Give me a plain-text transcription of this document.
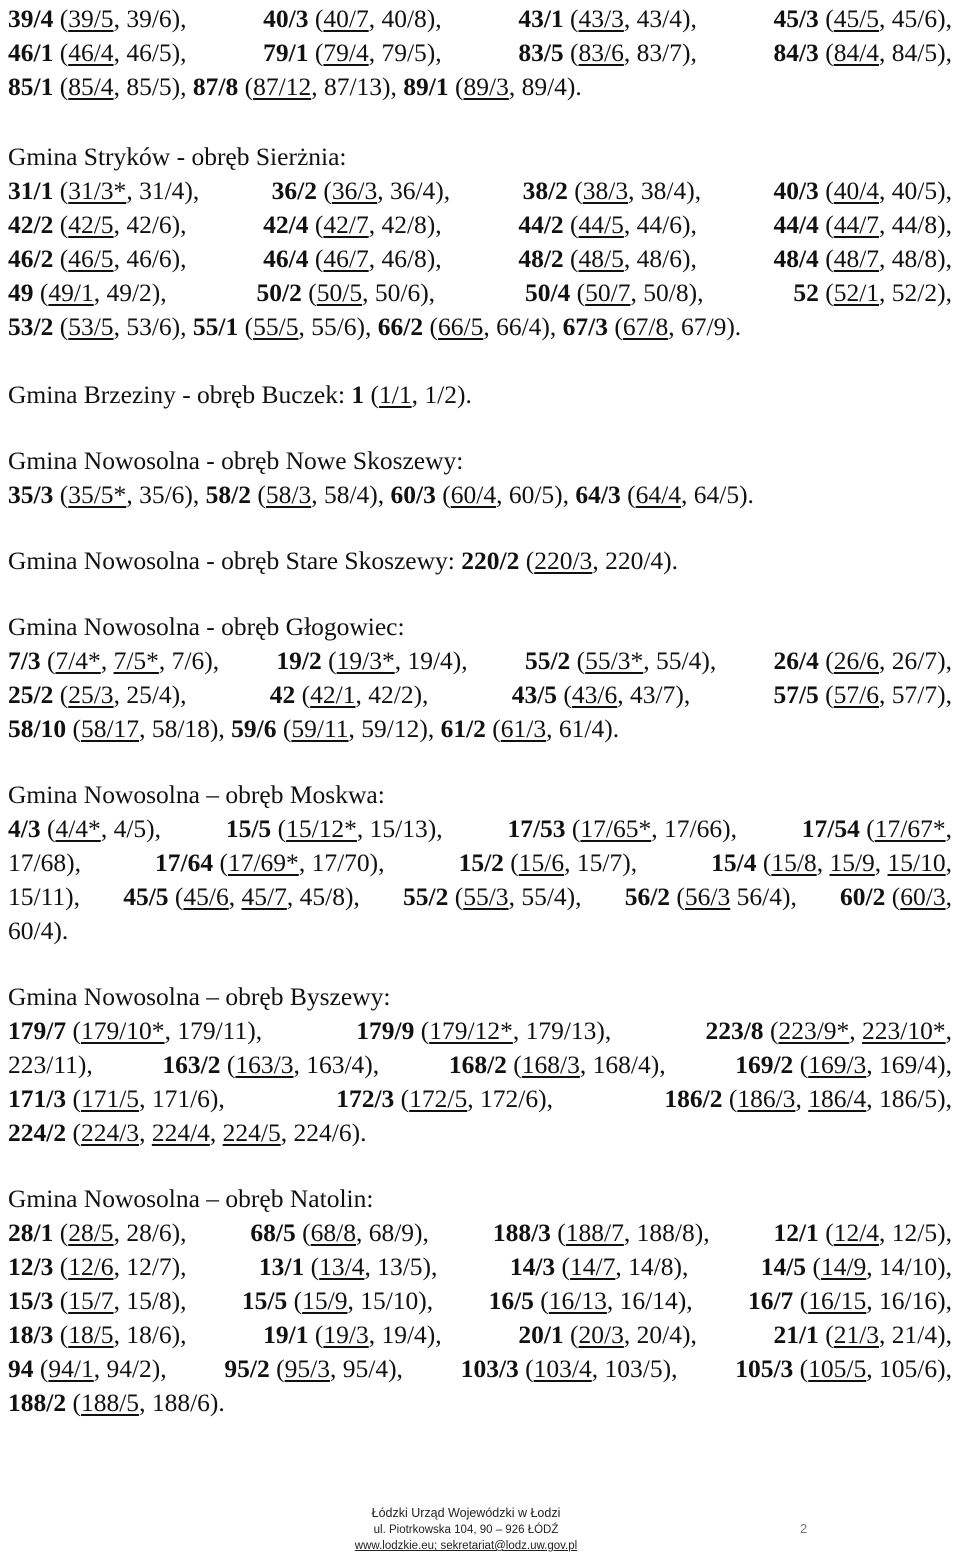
39/4 (39/5, 39/6),	40/3 (40/7, 40/8),	43/1 (43/3, 43/4),	45/3 (45/5, 45/6),
46/1 (46/4, 46/5),	79/1 (79/4, 79/5),	83/5 (83/6, 83/7),	84/3 (84/4, 84/5),
85/1 (85/4, 85/5), 87/8 (87/12, 87/13), 89/1 (89/3, 89/4).
Gmina Stryków - obręb Sierżnia:
31/1 (31/3*, 31/4),	36/2 (36/3, 36/4),	38/2 (38/3, 38/4),	40/3 (40/4, 40/5),
42/2 (42/5, 42/6),	42/4 (42/7, 42/8),	44/2 (44/5, 44/6),	44/4 (44/7, 44/8),
46/2 (46/5, 46/6),	46/4 (46/7, 46/8),	48/2 (48/5, 48/6),	48/4 (48/7, 48/8),
49 (49/1, 49/2),	50/2 (50/5, 50/6),	50/4 (50/7, 50/8),	52 (52/1, 52/2),
53/2 (53/5, 53/6), 55/1 (55/5, 55/6), 66/2 (66/5, 66/4), 67/3 (67/8, 67/9).
Gmina Brzeziny - obręb Buczek: 1 (1/1, 1/2).
Gmina Nowosolna - obręb Nowe Skoszewy:
35/3 (35/5*, 35/6), 58/2 (58/3, 58/4), 60/3 (60/4, 60/5), 64/3 (64/4, 64/5).
Gmina Nowosolna - obręb Stare Skoszewy: 220/2 (220/3, 220/4).
Gmina Nowosolna - obręb Głogowiec:
7/3 (7/4*, 7/5*, 7/6), 19/2 (19/3*, 19/4), 55/2 (55/3*, 55/4), 26/4 (26/6, 26/7),
25/2 (25/3, 25/4),	42 (42/1, 42/2),	43/5 (43/6, 43/7),	57/5 (57/6, 57/7),
58/10 (58/17, 58/18), 59/6 (59/11, 59/12), 61/2 (61/3, 61/4).
Gmina Nowosolna – obręb Moskwa:
4/3 (4/4*, 4/5),	15/5 (15/12*, 15/13),	17/53 (17/65*, 17/66),	17/54 (17/67*,
17/68),	17/64 (17/69*, 17/70),	15/2 (15/6, 15/7),	15/4 (15/8, 15/9, 15/10,
15/11), 45/5 (45/6, 45/7, 45/8), 55/2 (55/3, 55/4), 56/2 (56/3 56/4), 60/2 (60/3,
60/4).
Gmina Nowosolna – obręb Byszewy:
179/7 (179/10*, 179/11),	179/9 (179/12*, 179/13),	223/8 (223/9*, 223/10*,
223/11),	163/2 (163/3, 163/4),	168/2 (168/3, 168/4),	169/2 (169/3, 169/4),
171/3 (171/5, 171/6),	172/3 (172/5, 172/6),	186/2 (186/3, 186/4, 186/5),
224/2 (224/3, 224/4, 224/5, 224/6).
Gmina Nowosolna – obręb Natolin:
28/1 (28/5, 28/6),	68/5 (68/8, 68/9),	188/3 (188/7, 188/8),	12/1 (12/4, 12/5),
12/3 (12/6, 12/7),	13/1 (13/4, 13/5),	14/3 (14/7, 14/8),	14/5 (14/9, 14/10),
15/3 (15/7, 15/8), 15/5 (15/9, 15/10), 16/5 (16/13, 16/14), 16/7 (16/15, 16/16),
18/3 (18/5, 18/6),	19/1 (19/3, 19/4),	20/1 (20/3, 20/4),	21/1 (21/3, 21/4),
94 (94/1, 94/2), 95/2 (95/3, 95/4), 103/3 (103/4, 103/5), 105/3 (105/5, 105/6),
188/2 (188/5, 188/6).
Łódzki Urząd Wojewódzki w Łodzi
ul. Piotrkowska 104, 90 – 926 ŁÓDŹ
www.lodzkie.eu; sekretariat@lodz.uw.gov.pl
2
